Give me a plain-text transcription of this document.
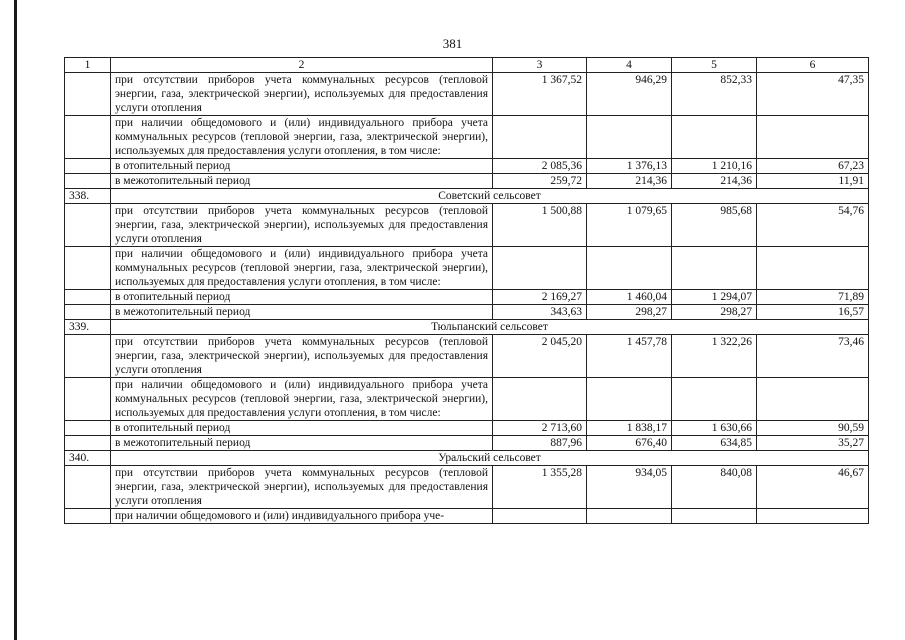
381
1	2	3	4	5	6
	при отсутствии приборов учета коммунальных ресурсов (тепловой энергии, газа, электрической энергии), используемых для предоставления услуги отопления	1 367,52	946,29	852,33	47,35
	при наличии общедомового и (или) индивидуального прибора учета коммунальных ресурсов (тепловой энергии, газа, электрической энергии), используемых для предоставления услуги отопления, в том числе:				
	в отопительный период	2 085,36	1 376,13	1 210,16	67,23
	в межотопительный период	259,72	214,36	214,36	11,91
338.	Советский сельсовет				
	при отсутствии приборов учета коммунальных ресурсов (тепловой энергии, газа, электрической энергии), используемых для предоставления услуги отопления	1 500,88	1 079,65	985,68	54,76
	при наличии общедомового и (или) индивидуального прибора учета коммунальных ресурсов (тепловой энергии, газа, электрической энергии), используемых для предоставления услуги отопления, в том числе:				
	в отопительный период	2 169,27	1 460,04	1 294,07	71,89
	в межотопительный период	343,63	298,27	298,27	16,57
339.	Тюльпанский сельсовет				
	при отсутствии приборов учета коммунальных ресурсов (тепловой энергии, газа, электрической энергии), используемых для предоставления услуги отопления	2 045,20	1 457,78	1 322,26	73,46
	при наличии общедомового и (или) индивидуального прибора учета коммунальных ресурсов (тепловой энергии, газа, электрической энергии), используемых для предоставления услуги отопления, в том числе:				
	в отопительный период	2 713,60	1 838,17	1 630,66	90,59
	в межотопительный период	887,96	676,40	634,85	35,27
340.	Уральский сельсовет				
	при отсутствии приборов учета коммунальных ресурсов (тепловой энергии, газа, электрической энергии), используемых для предоставления услуги отопления	1 355,28	934,05	840,08	46,67
	при наличии общедомового и (или) индивидуального прибора уче-				
